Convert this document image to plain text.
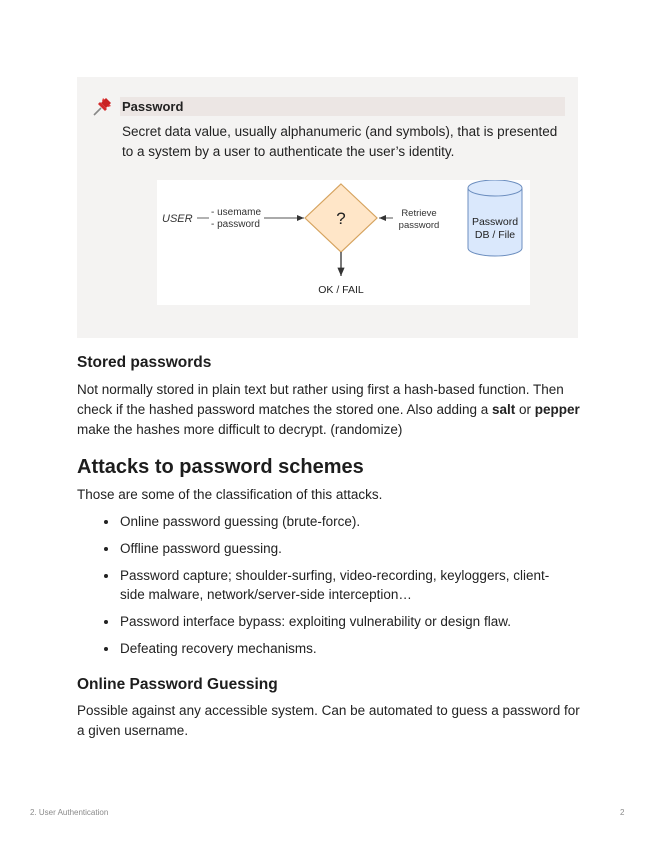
Password
Secret data value, usually alphanumeric (and symbols), that is presented to a system by a user to authenticate the user’s identity.
USER
- usemame
- password	?	Retrieve
password	Password
DB / File
OK / FAIL
Stored passwords

Not normally stored in plain text but rather using first a hash-based function. Then check if the hashed password matches the stored one. Also adding a salt or pepper make the hashes more difficult to decrypt. (randomize)

Attacks to password schemes

Those are some of the classification of this attacks.

Online password guessing (brute-force).
Offline password guessing.
Password capture; shoulder-surfing, video-recording, keyloggers, client-side malware, network/server-side interception…
Password interface bypass: exploiting vulnerability or design flaw.
Defeating recovery mechanisms.
Online Password Guessing

Possible against any accessible system. Can be automated to guess a password for a given username.

2. User Authentication	2
